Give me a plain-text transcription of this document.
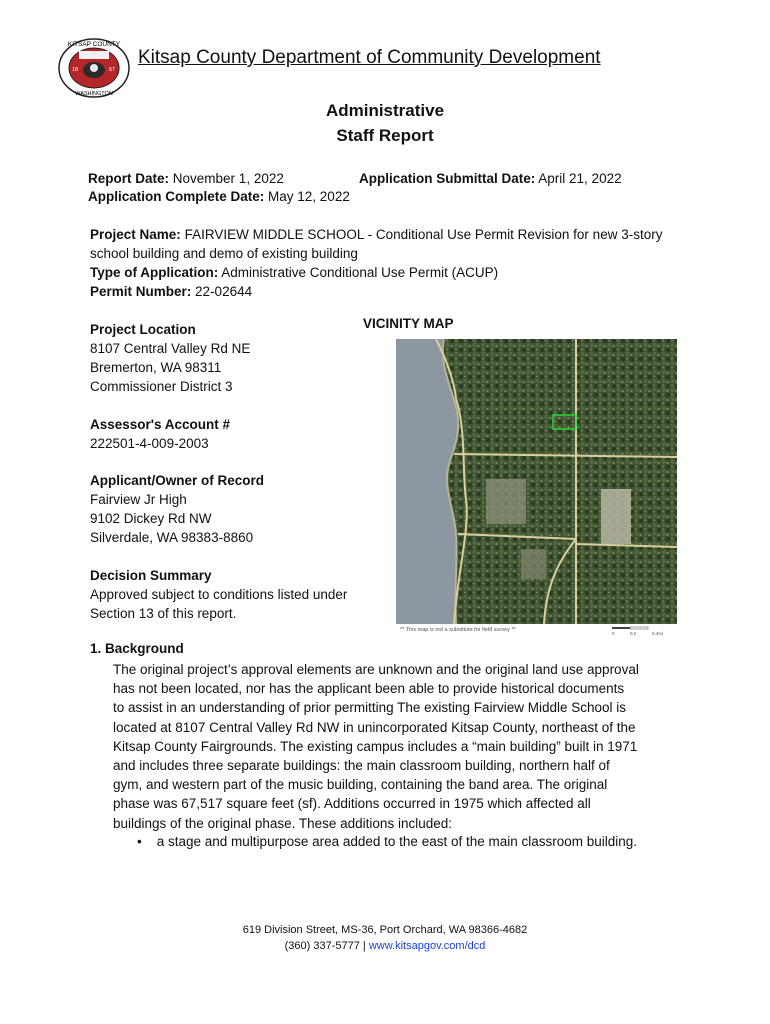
KITSAP COUNTY
WASHINGTON
18	57
Kitsap County Department of Community Development
Administrative
Staff Report
Report Date: November 1, 2022	Application Submittal Date: April 21, 2022
Application Complete Date: May 12, 2022
Project Name: FAIRVIEW MIDDLE SCHOOL - Conditional Use Permit Revision for new 3-story
school building and demo of existing building
Type of Application: Administrative Conditional Use Permit (ACUP)
Permit Number: 22-02644
Project Location
8107 Central Valley Rd NE
Bremerton, WA 98311
Commissioner District 3
Assessor's Account #
222501-4-009-2003
Applicant/Owner of Record
Fairview Jr High
9102 Dickey Rd NW
Silverdale, WA 98383-8860
Decision Summary
Approved subject to conditions listed under
Section 13 of this report.
VICINITY MAP
** This map is not a substitute for field survey **
0	0.2	0.4mi
1. Background
The original project’s approval elements are unknown and the original land use approval
has not been located, nor has the applicant been able to provide historical documents
to assist in an understanding of prior permitting The existing Fairview Middle School is
located at 8107 Central Valley Rd NW in unincorporated Kitsap County, northeast of the
Kitsap County Fairgrounds. The existing campus includes a “main building” built in 1971
and includes three separate buildings: the main classroom building, northern half of
gym, and western part of the music building, containing the band area. The original
phase was 67,517 square feet (sf). Additions occurred in 1975 which affected all
buildings of the original phase. These additions included:
• a stage and multipurpose area added to the east of the main classroom building.
619 Division Street, MS-36, Port Orchard, WA 98366-4682
(360) 337-5777 | www.kitsapgov.com/dcd
